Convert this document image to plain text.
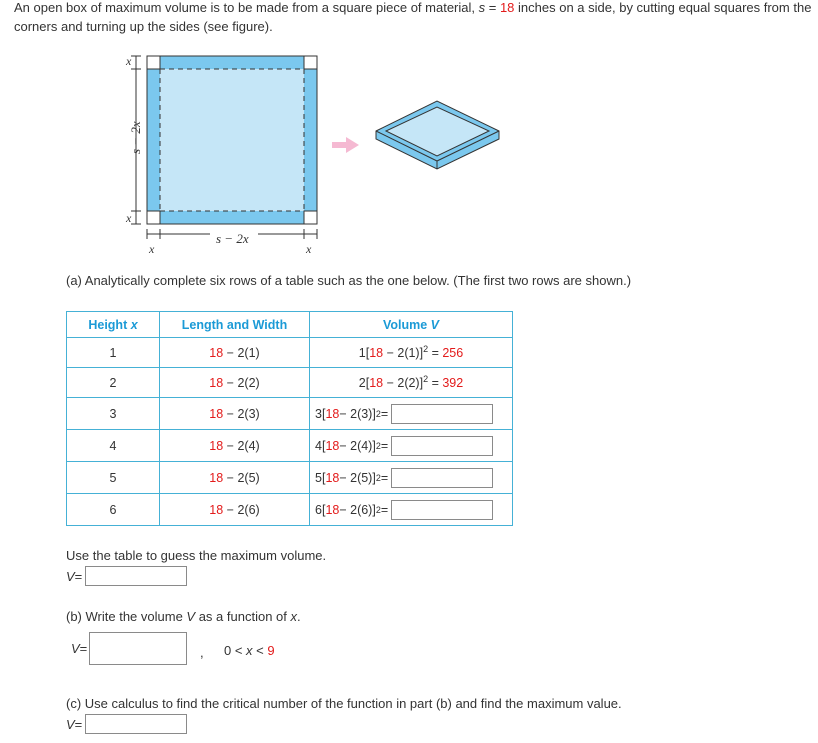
An open box of maximum volume is to be made from a square piece of material, s = 18 inches on a side, by cutting equal squares from the corners and turning up the sides (see figure).
x
x
s − 2x
s − 2x
x	x
(a) Analytically complete six rows of a table such as the one below. (The first two rows are shown.)
Height x	Length and Width	Volume V
1	18 − 2(1)	$1[18 - 2(1)]^2 = 256$
2	18 − 2(2)	$2[18 - 2(2)]^2 = 392$
3	18 − 2(3)	3[ 18 − 2(3)] 2 =

4	18 − 2(4)	4[ 18 − 2(4)] 2 =

5	18 − 2(5)	5[ 18 − 2(5)] 2 =

6	18 − 2(6)	6[ 18 − 2(6)] 2 =
Use the table to guess the maximum volume.
V =
(b) Write the volume V as a function of x.
V =	, 0 < x < 9
(c) Use calculus to find the critical number of the function in part (b) and find the maximum value.
V =
